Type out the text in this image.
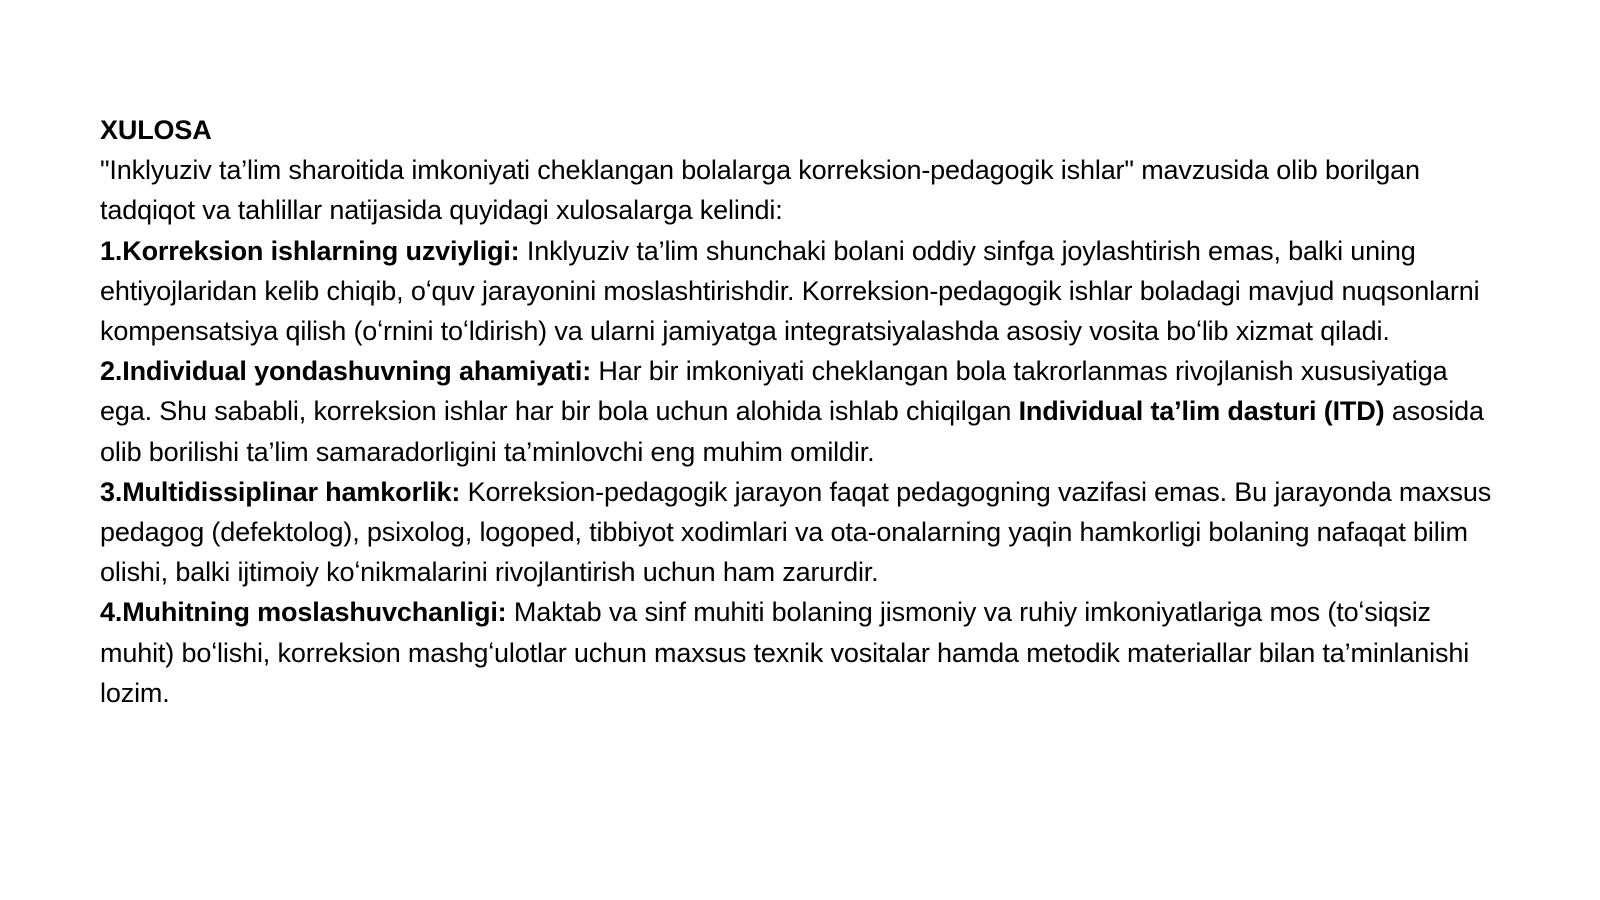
XULOSA

"Inklyuziv ta’lim sharoitida imkoniyati cheklangan bolalarga korreksion-pedagogik ishlar" mavzusida olib borilgan tadqiqot va tahlillar natijasida quyidagi xulosalarga kelindi:

1.Korreksion ishlarning uzviyligi: Inklyuziv ta’lim shunchaki bolani oddiy sinfga joylashtirish emas, balki uning ehtiyojlaridan kelib chiqib, oʻquv jarayonini moslashtirishdir. Korreksion-pedagogik ishlar boladagi mavjud nuqsonlarni kompensatsiya qilish (oʻrnini toʻldirish) va ularni jamiyatga integratsiyalashda asosiy vosita boʻlib xizmat qiladi.

2.Individual yondashuvning ahamiyati: Har bir imkoniyati cheklangan bola takrorlanmas rivojlanish xususiyatiga ega. Shu sababli, korreksion ishlar har bir bola uchun alohida ishlab chiqilgan Individual ta’lim dasturi (ITD) asosida olib borilishi ta’lim samaradorligini ta’minlovchi eng muhim omildir.

3.Multidissiplinar hamkorlik: Korreksion-pedagogik jarayon faqat pedagogning vazifasi emas. Bu jarayonda maxsus pedagog (defektolog), psixolog, logoped, tibbiyot xodimlari va ota-onalarning yaqin hamkorligi bolaning nafaqat bilim olishi, balki ijtimoiy koʻnikmalarini rivojlantirish uchun ham zarurdir.

4.Muhitning moslashuvchanligi: Maktab va sinf muhiti bolaning jismoniy va ruhiy imkoniyatlariga mos (toʻsiqsiz muhit) boʻlishi, korreksion mashgʻulotlar uchun maxsus texnik vositalar hamda metodik materiallar bilan ta’minlanishi lozim.
